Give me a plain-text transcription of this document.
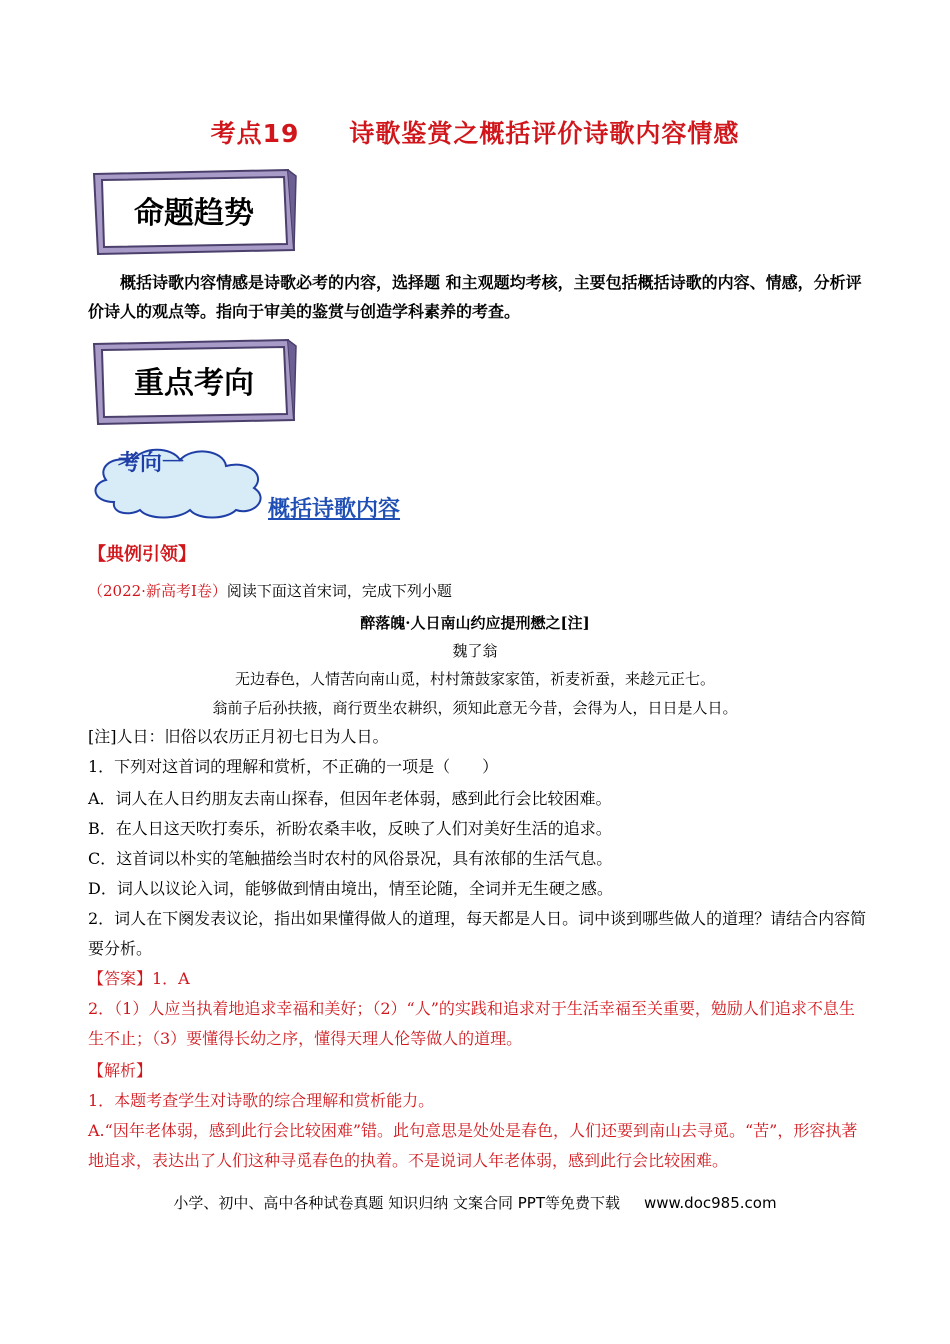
考点19 诗歌鉴赏之概括评价诗歌内容情感
命题趋势
概括诗歌内容情感是诗歌必考的内容，选择题 和主观题均考核，主要包括概括诗歌的内容、情感，分析评价诗人的观点等。指向于审美的鉴赏与创造学科素养的考查。
重点考向
考向一
概括诗歌内容
【典例引领】
（2022·新高考Ⅰ卷）阅读下面这首宋词，完成下列小题
醉落魄·人日南山约应提刑懋之[注]
魏了翁
无边春色，人情苦向南山觅，村村箫鼓家家笛，祈麦祈蚕，来趁元正七。
翁前子后孙扶掖，商行贾坐农耕织，须知此意无今昔，会得为人，日日是人日。
[注]人日：旧俗以农历正月初七日为人日。
1．下列对这首词的理解和赏析，不正确的一项是（　　）
A．词人在人日约朋友去南山探春，但因年老体弱，感到此行会比较困难。
B．在人日这天吹打奏乐，祈盼农桑丰收，反映了人们对美好生活的追求。
C．这首词以朴实的笔触描绘当时农村的风俗景况，具有浓郁的生活气息。
D．词人以议论入词，能够做到情由境出，情至论随，全词并无生硬之感。
2．词人在下阕发表议论，指出如果懂得做人的道理，每天都是人日。词中谈到哪些做人的道理？请结合内容简要分析。
【答案】1．A
2．（1）人应当执着地追求幸福和美好；（2）“人”的实践和追求对于生活幸福至关重要，勉励人们追求不息生生不止；（3）要懂得长幼之序，懂得天理人伦等做人的道理。
【解析】
1．本题考查学生对诗歌的综合理解和赏析能力。
A.“因年老体弱，感到此行会比较困难”错。此句意思是处处是春色，人们还要到南山去寻觅。“苦”，形容执著地追求，表达出了人们这种寻觅春色的执着。不是说词人年老体弱，感到此行会比较困难。
小学、初中、高中各种试卷真题 知识归纳 文案合同 PPT等免费下载 www.doc985.com
